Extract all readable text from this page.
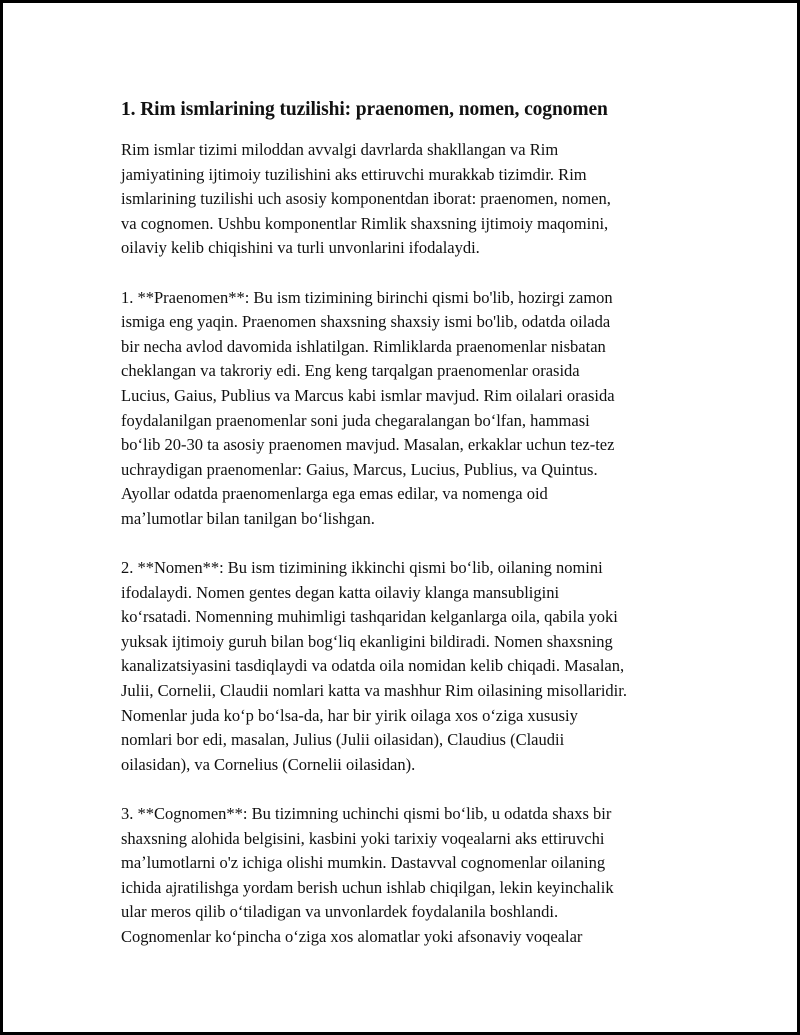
1. Rim ismlarining tuzilishi: praenomen, nomen, cognomen
Rim ismlar tizimi miloddan avvalgi davrlarda shakllangan va Rim
jamiyatining ijtimoiy tuzilishini aks ettiruvchi murakkab tizimdir. Rim
ismlarining tuzilishi uch asosiy komponentdan iborat: praenomen, nomen,
va cognomen. Ushbu komponentlar Rimlik shaxsning ijtimoiy maqomini,
oilaviy kelib chiqishini va turli unvonlarini ifodalaydi.
1. **Praenomen**: Bu ism tizimining birinchi qismi bo'lib, hozirgi zamon
ismiga eng yaqin. Praenomen shaxsning shaxsiy ismi bo'lib, odatda oilada
bir necha avlod davomida ishlatilgan. Rimliklarda praenomenlar nisbatan
cheklangan va takroriy edi. Eng keng tarqalgan praenomenlar orasida
Lucius, Gaius, Publius va Marcus kabi ismlar mavjud. Rim oilalari orasida
foydalanilgan praenomenlar soni juda chegaralangan boʻlfan, hammasi
boʻlib 20-30 ta asosiy praenomen mavjud. Masalan, erkaklar uchun tez-tez
uchraydigan praenomenlar: Gaius, Marcus, Lucius, Publius, va Quintus.
Ayollar odatda praenomenlarga ega emas edilar, va nomenga oid
maʼlumotlar bilan tanilgan boʻlishgan.
2. **Nomen**: Bu ism tizimining ikkinchi qismi boʻlib, oilaning nomini
ifodalaydi. Nomen gentes degan katta oilaviy klanga mansubligini
koʻrsatadi. Nomenning muhimligi tashqaridan kelganlarga oila, qabila yoki
yuksak ijtimoiy guruh bilan bogʻliq ekanligini bildiradi. Nomen shaxsning
kanalizatsiyasini tasdiqlaydi va odatda oila nomidan kelib chiqadi. Masalan,
Julii, Cornelii, Claudii nomlari katta va mashhur Rim oilasining misollaridir.
Nomenlar juda koʻp boʻlsa-da, har bir yirik oilaga xos oʻziga xususiy
nomlari bor edi, masalan, Julius (Julii oilasidan), Claudius (Claudii
oilasidan), va Cornelius (Cornelii oilasidan).
3. **Cognomen**: Bu tizimning uchinchi qismi boʻlib, u odatda shaxs bir
shaxsning alohida belgisini, kasbini yoki tarixiy voqealarni aks ettiruvchi
maʼlumotlarni o'z ichiga olishi mumkin. Dastavval cognomenlar oilaning
ichida ajratilishga yordam berish uchun ishlab chiqilgan, lekin keyinchalik
ular meros qilib oʻtiladigan va unvonlardek foydalanila boshlandi.
Cognomenlar koʻpincha oʻziga xos alomatlar yoki afsonaviy voqealar
